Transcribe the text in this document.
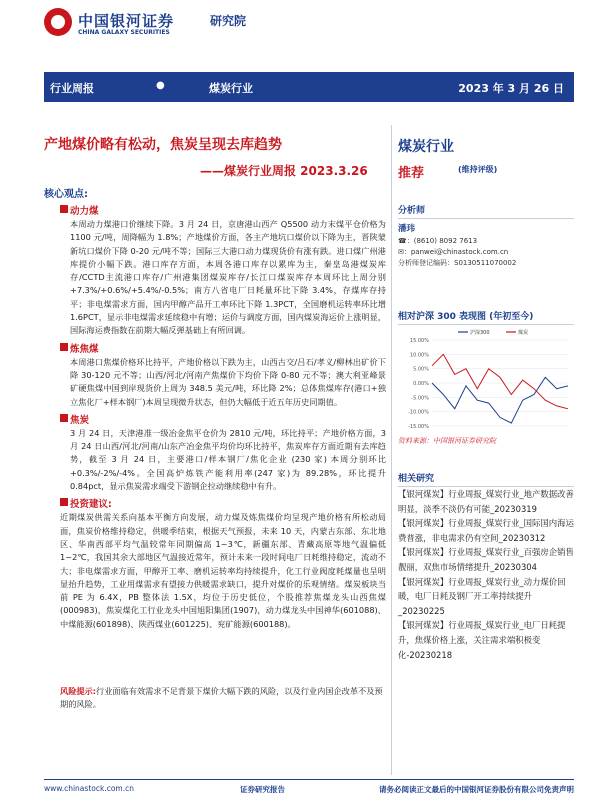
中国银河证券
CHINA GALAXY SECURITIES
研究院
行业周报	●	煤炭行业	2023 年 3 月 26 日
产地煤价略有松动，焦炭呈现去库趋势
——煤炭行业周报 2023.3.26
核心观点:
动力煤

本周动力煤港口价继续下降。3 月 24 日，京唐港山西产 Q5500 动力末煤平仓价格为 1100 元/吨，周降幅为 1.8%；产地煤价方面，各主产地坑口煤价以下降为主，晋陕蒙新坑口煤价下降 0-20 元/吨不等；国际三大港口动力煤现货价有涨有跌。进口煤广州港库提价小幅下跌。港口库存方面，本周各港口库存以累库为主，秦皇岛港煤炭库存/CCTD主流港口库存/广州港集团煤炭库存/长江口煤炭库存本周环比上周分别+7.3%/+0.6%/+5.4%/-0.5%；南方八省电厂日耗量环比下降 3.4%，存煤库存持平；非电煤需求方面，国内甲醇产品开工率环比下降 1.3PCT，全国磨机运转率环比增 1.6PCT，显示非电煤需求延续稳中有增；运价与调度方面，国内煤炭海运价上涨明显，国际海运费指数在前期大幅反弹基础上有所回调。

炼焦煤

本周港口焦煤价格环比持平，产地价格以下跌为主，山西古交/吕石/孝义/柳林出矿价下降 30-120 元不等；山西/河北/河南产焦煤价下均价下降 0-80 元不等；澳大利亚峰景矿硬焦煤中国到岸现货价上周为 348.5 美元/吨，环比降 2%；总体焦煤库存(港口+独立焦化厂+样本钢厂)本周呈现微升状态，但仍大幅低于近五年历史同期值。

焦炭

3 月 24 日，天津港准一级冶金焦平仓价为 2810 元/吨，环比持平；产地价格方面，3 月 24 日山西/河北/河南/山东产冶金焦平均价均环比持平，焦炭库存方面近期有去库趋势，截至 3 月 24 日，主要港口/样本钢厂/焦化企业 (230 家) 本周分别环比+0.3%/-2%/-4%。全国高炉炼铁产能利用率(247 家)为 89.28%，环比提升 0.84pct，显示焦炭需求端受下游钢企拉动继续稳中有升。

投资建议:

近期煤炭供需关系向基本平衡方向发展，动力煤及炼焦煤价均呈现产地价格有所松动局面，焦炭价格维持稳定，供暖季结束，根据天气预报，未来 10 天，内蒙古东部、东北地区、华南西部平均气温较常年同期偏高 1~3℃，新疆东部、青藏高原等地气温偏低 1~2℃，我国其余大部地区气温接近常年，预计未来一段时间电厂日耗维持稳定，流动不大；非电煤需求方面，甲醇开工率、磨机运转率均持续提升，化工行业阀度耗煤量也呈明显抬升趋势，工业用煤需求有望接力供暖需求缺口，提升对煤价的乐观情绪。煤炭板块当前 PE 为 6.4X，PB 整体法 1.5X，均位于历史低位，个股推荐焦煤龙头山西焦煤(000983)，焦炭煤化工行业龙头中国旭阳集团(1907)，动力煤龙头中国神华(601088)、中煤能源(601898)、陕西煤业(601225)、兖矿能源(600188)。

风险提示:行业面临有效需求不足背景下煤价大幅下跌的风险，以及行业内国企改革不及预期的风险。
煤炭行业
推荐	(维持评级)
分析师
潘玮
☎：(8610) 8092 7613
✉：panwei@chinastock.com.cn
分析师登记编码：S0130511070002
相对沪深 300 表现图 (年初至今)
15.00%
10.00%
5.00%
0.00%
-5.00%
-10.00%
-15.00%
沪深300	煤炭
资料来源：中国银河证券研究院
相关研究
【银河煤炭】行业周报_煤炭行业_地产数据改善明显，淡季不淡仍有可能_20230319
【银河煤炭】行业周报_煤炭行业_国际国内海运费普涨，非电需求仍有空间_20230312
【银河煤炭】行业周报_煤炭行业_百强房企销售靓丽，双焦市场情绪提升_20230304
【银河煤炭】行业周报_煤炭行业_动力煤价回暖，电厂日耗及钢厂开工率持续提升_20230225
【银河煤炭】行业周报_煤炭行业_电厂日耗提升，焦煤价格上涨，关注需求端积极变化-20230218
www.chinastock.com.cn	证券研究报告	请务必阅读正文最后的中国银河证券股份有限公司免责声明
